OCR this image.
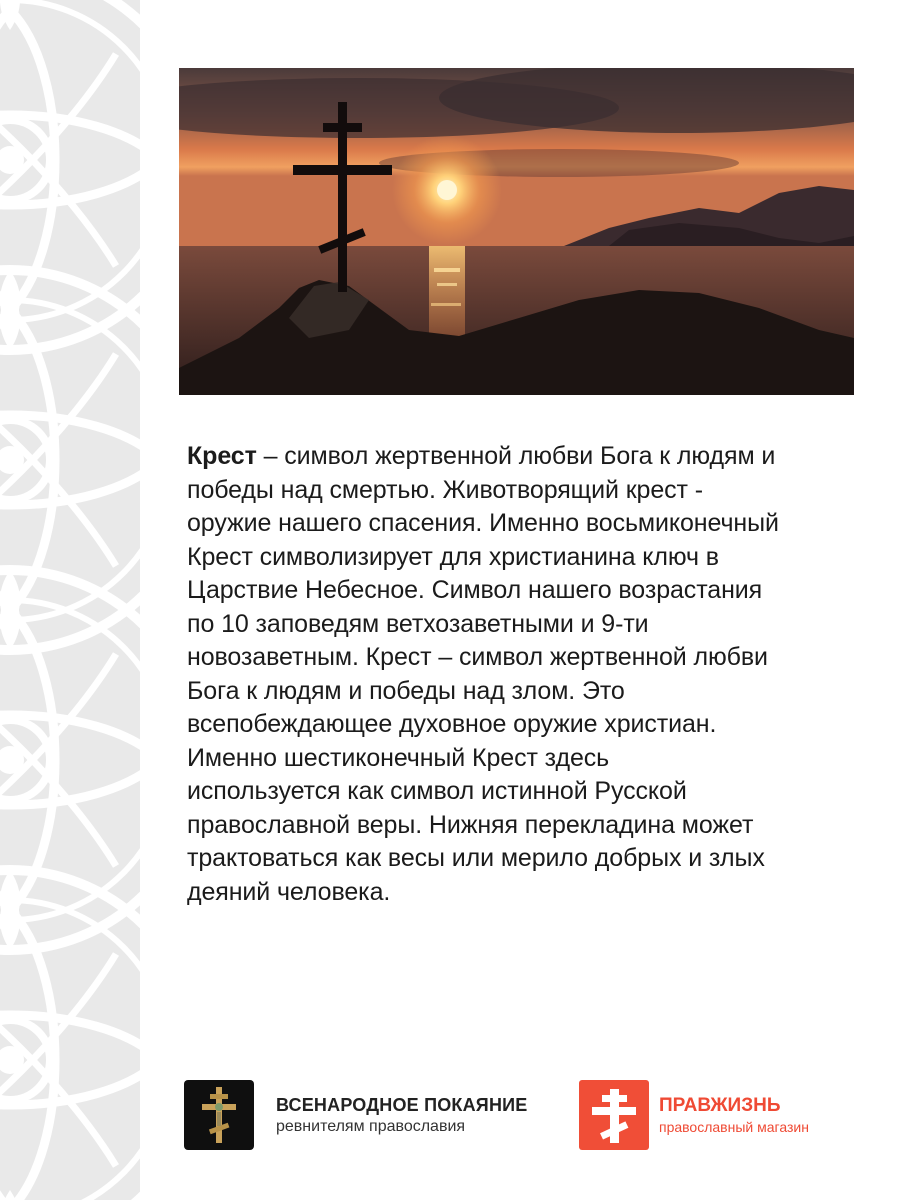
Крест – символ жертвенной любви Бога к людям и
победы над смертью. Животворящий крест -
оружие нашего спасения. Именно восьмиконечный
Крест символизирует для христианина ключ в
Царствие Небесное. Символ нашего возрастания
по 10 заповедям ветхозаветными и 9-ти
новозаветным. Крест – символ жертвенной любви
Бога к людям и победы над злом. Это
всепобеждающее духовное оружие христиан.
Именно шестиконечный Крест здесь
используется как символ истинной Русской
православной веры. Нижняя перекладина может
трактоваться как весы или мерило добрых и злых
деяний человека.
ВСЕНАРОДНОЕ ПОКАЯНИЕ
ревнителям православия
ПРАВЖИЗНЬ
православный магазин
